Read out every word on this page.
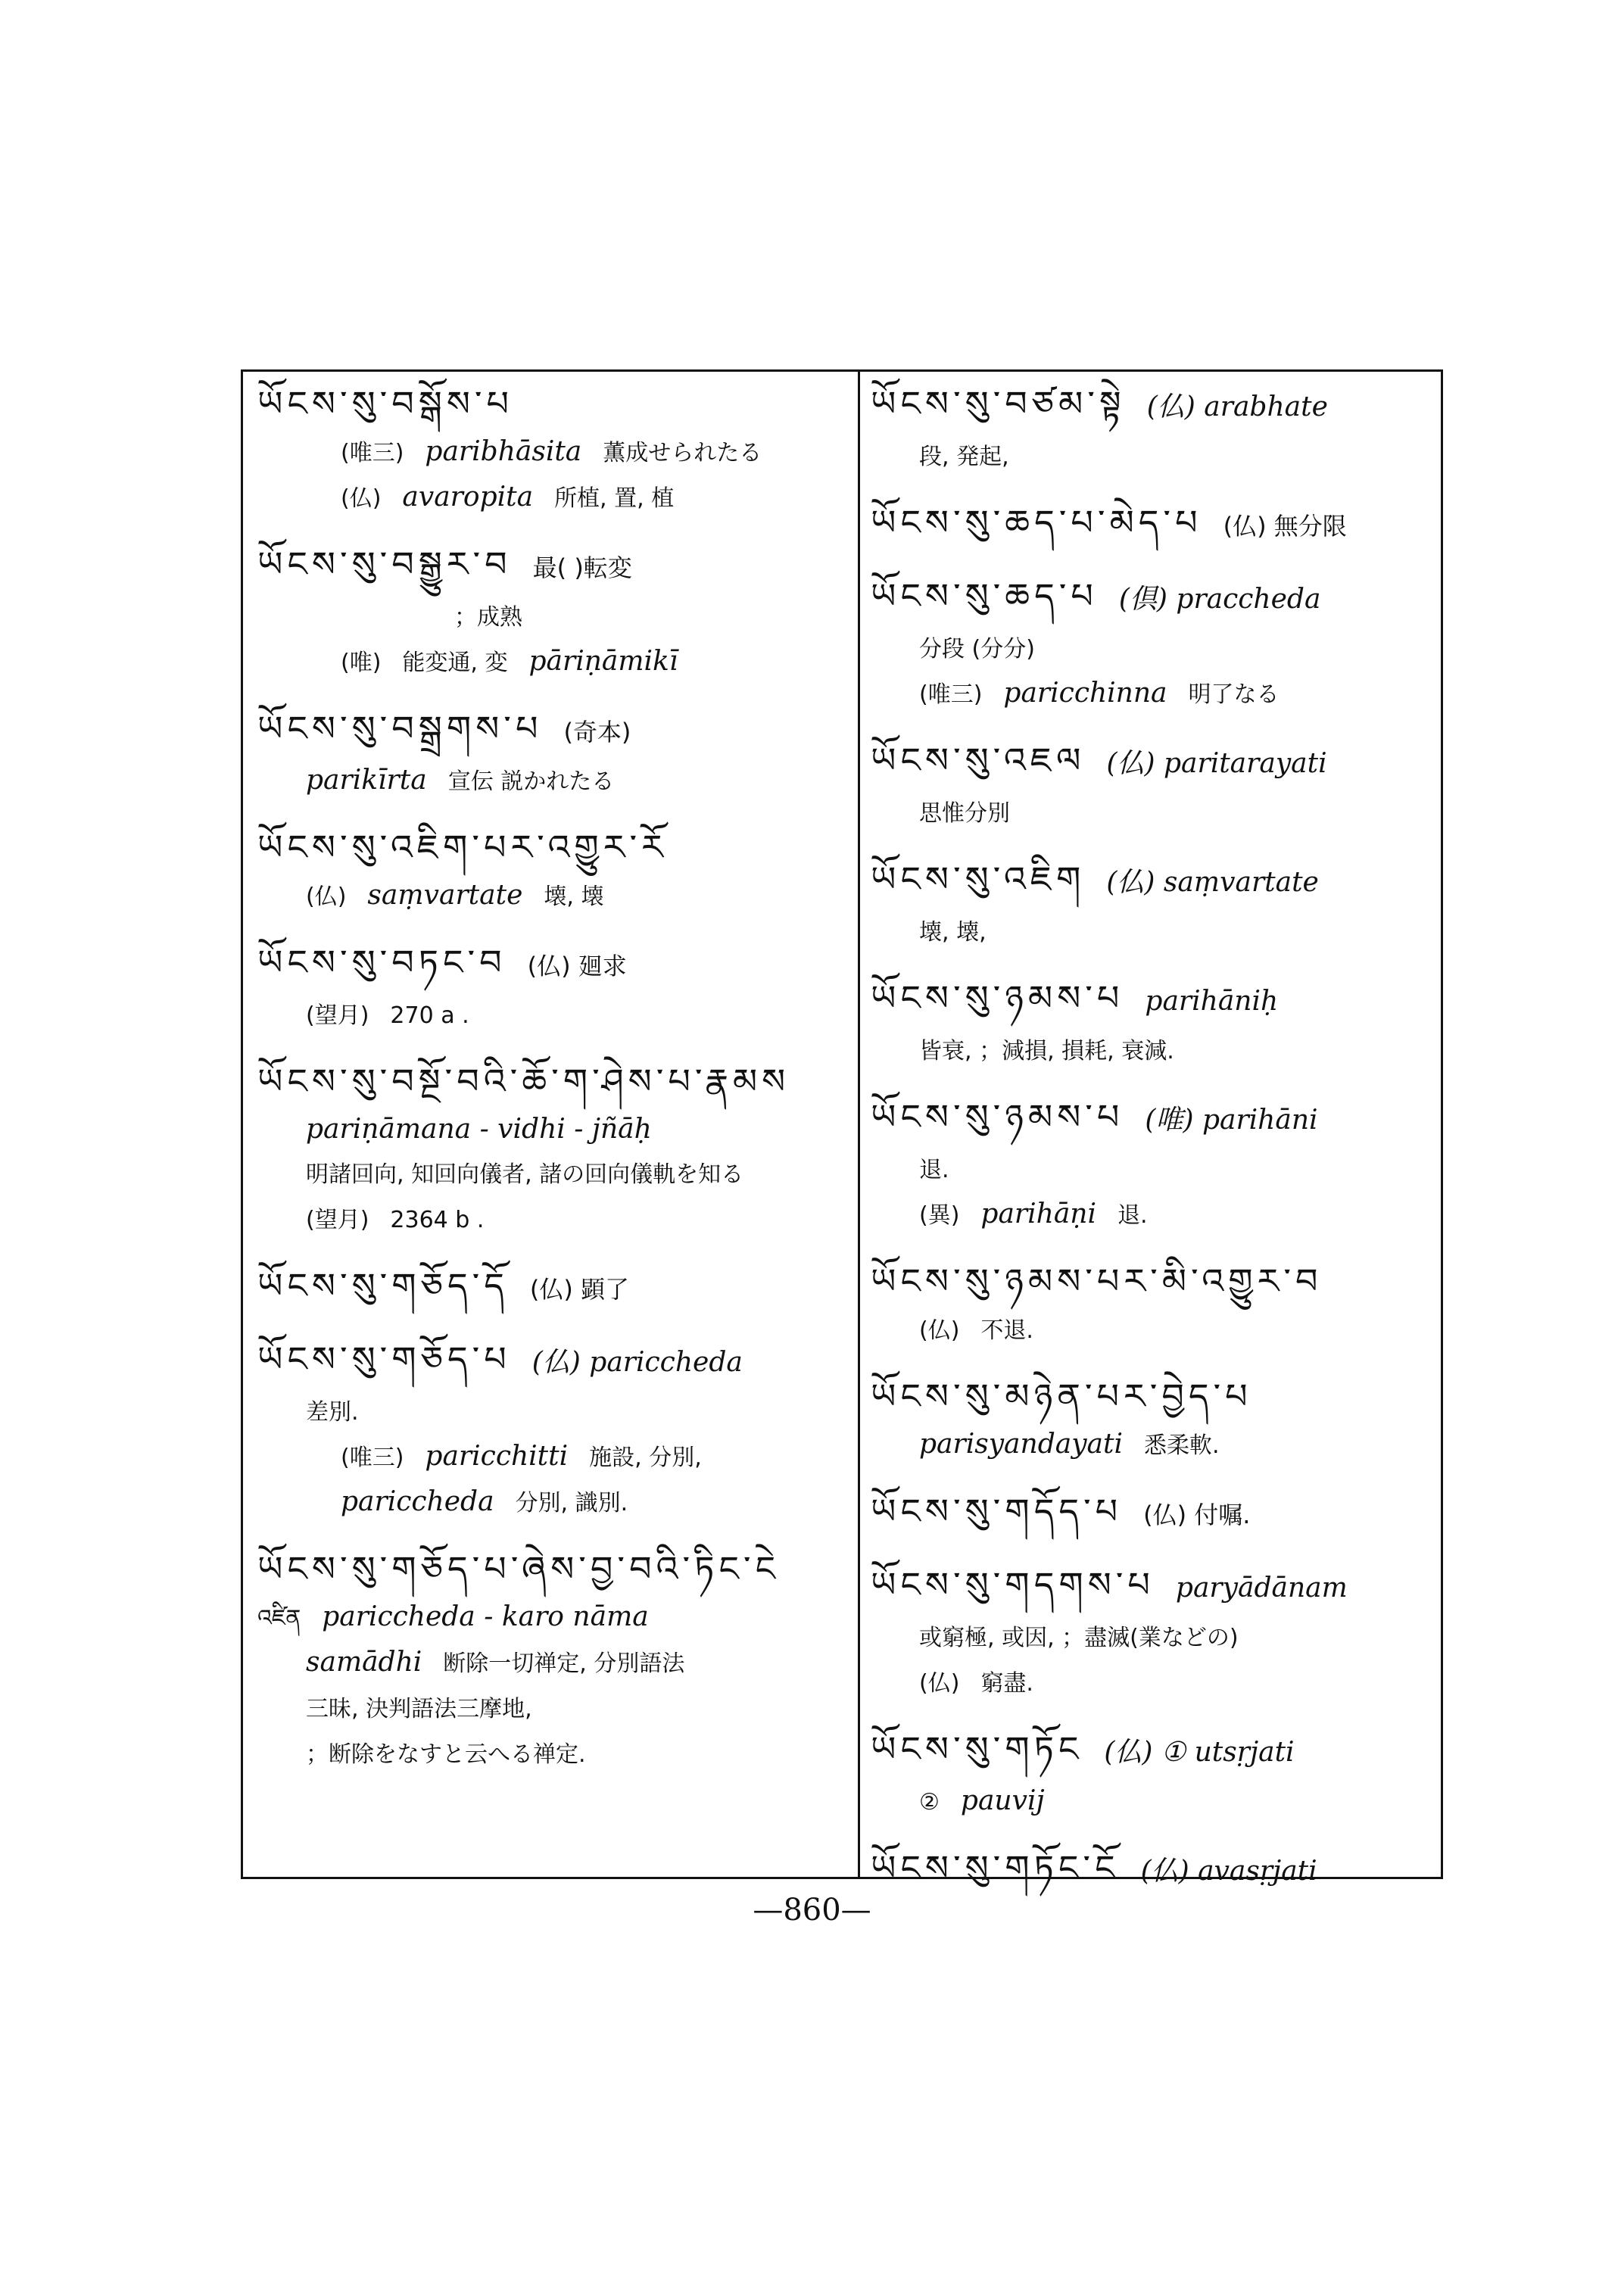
ཡོངས་སུ་བསྒོས་པ
(唯三) paribhāsita 薫成せられたる
(仏) avaropita 所植, 置, 植
ཡོངས་སུ་བསྒྱུར་བ 最( )転変
；成熟
(唯) 能変通, 変 pāriṇāmikī
ཡོངས་སུ་བསྒྲགས་པ (奇本)
parikīrta 宣伝 説かれたる
ཡོངས་སུ་འཇིག་པར་འགྱུར་རོ
(仏) saṃvartate 壊, 壊
ཡོངས་སུ་བཏང་བ (仏) 廻求
(望月) 270 a .
ཡོངས་སུ་བསྔོ་བའི་ཆོ་ག་ཤེས་པ་རྣམས
pariṇāmana - vidhi - jñāḥ
明諸回向, 知回向儀者, 諸の回向儀軌を知る
(望月) 2364 b .
ཡོངས་སུ་གཅོད་དོ (仏) 顕了
ཡོངས་སུ་གཅོད་པ (仏) pariccheda
差別.
(唯三) paricchitti 施設, 分別,
pariccheda 分別, 識別.
ཡོངས་སུ་གཅོད་པ་ཞེས་བྱ་བའི་ཏིང་ངེ
འཛིན pariccheda - karo nāma
samādhi 断除一切禅定, 分別語法
三昧, 決判語法三摩地,
；断除をなすと云へる禅定.
ཡོངས་སུ་བཙམ་སྟེ (仏) arabhate
段, 発起,
ཡོངས་སུ་ཆད་པ་མེད་པ (仏) 無分限
ཡོངས་སུ་ཆད་པ (倶) praccheda
分段 (分分)
(唯三) paricchinna 明了なる
ཡོངས་སུ་འཇལ (仏) paritarayati
思惟分別
ཡོངས་སུ་འཇིག (仏) saṃvartate
壊, 壊,
ཡོངས་སུ་ཉམས་པ parihāniḥ
皆衰, ；減損, 損耗, 衰減.
ཡོངས་སུ་ཉམས་པ (唯) parihāni
退.
(異) parihāṇi 退.
ཡོངས་སུ་ཉམས་པར་མི་འགྱུར་བ
(仏) 不退.
ཡོངས་སུ་མཉེན་པར་བྱེད་པ
parisyandayati 悉柔軟.
ཡོངས་སུ་གདོད་པ (仏) 付嘱.
ཡོངས་སུ་གདགས་པ paryādānam
或窮極, 或因, ；盡滅(業などの)
(仏) 窮盡.
ཡོངས་སུ་གཏོང (仏) ① utsṛjati
② pauvij
ཡོངས་སུ་གཏོང་ངོ (仏) avasṛjati
—860—
